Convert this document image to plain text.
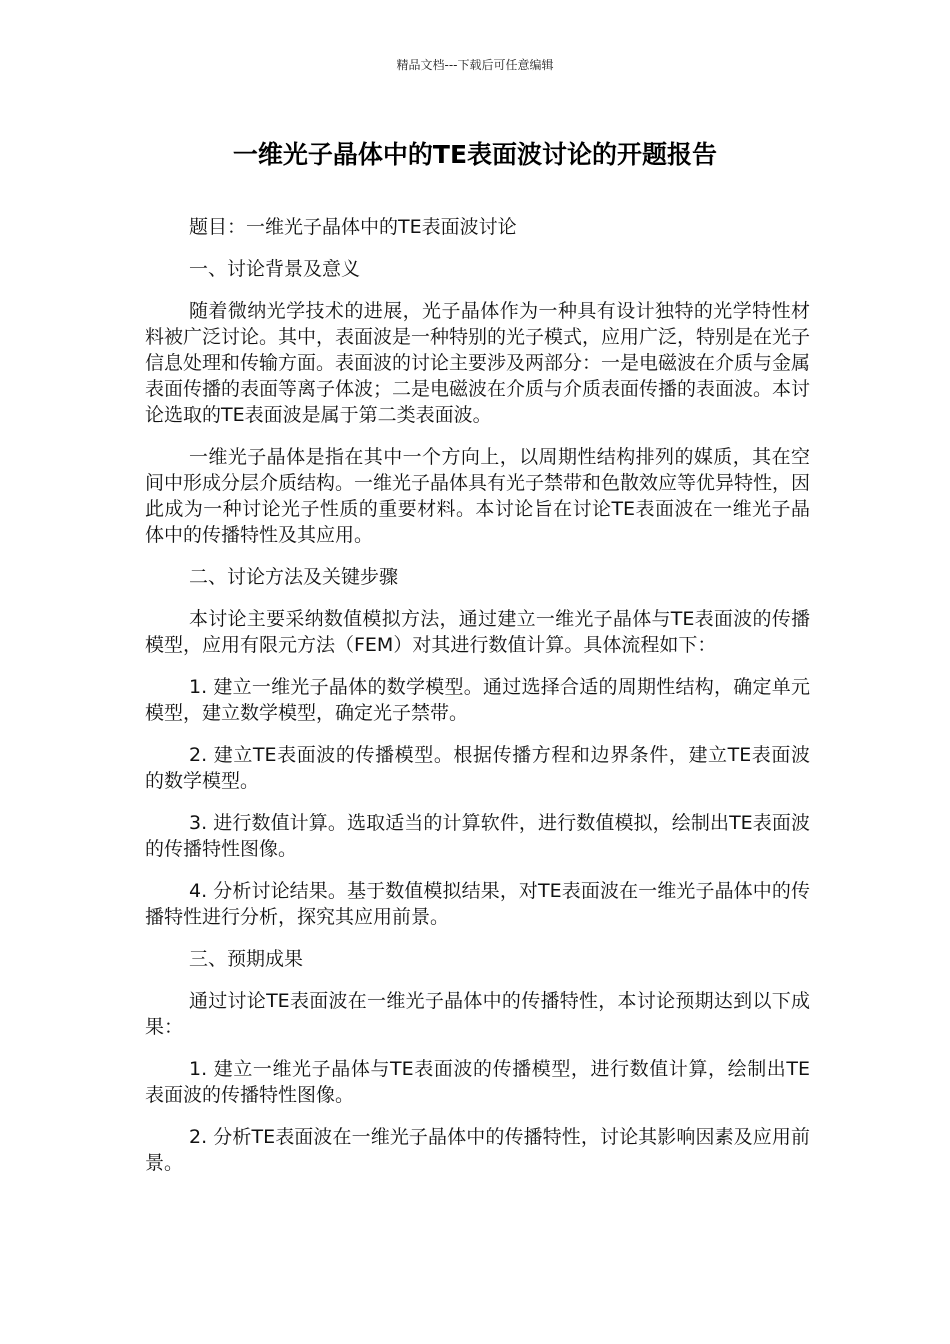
精品文档---下载后可任意编辑
一维光子晶体中的TE表面波讨论的开题报告

题目：一维光子晶体中的TE表面波讨论

一、讨论背景及意义

随着微纳光学技术的进展，光子晶体作为一种具有设计独特的光学特性材料被广泛讨论。其中，表面波是一种特别的光子模式，应用广泛，特别是在光子信息处理和传输方面。表面波的讨论主要涉及两部分：一是电磁波在介质与金属表面传播的表面等离子体波；二是电磁波在介质与介质表面传播的表面波。本讨论选取的TE表面波是属于第二类表面波。

一维光子晶体是指在其中一个方向上，以周期性结构排列的媒质，其在空间中形成分层介质结构。一维光子晶体具有光子禁带和色散效应等优异特性，因此成为一种讨论光子性质的重要材料。本讨论旨在讨论TE表面波在一维光子晶体中的传播特性及其应用。

二、讨论方法及关键步骤

本讨论主要采纳数值模拟方法，通过建立一维光子晶体与TE表面波的传播模型，应用有限元方法（FEM）对其进行数值计算。具体流程如下：

1. 建立一维光子晶体的数学模型。通过选择合适的周期性结构，确定单元模型，建立数学模型，确定光子禁带。

2. 建立TE表面波的传播模型。根据传播方程和边界条件，建立TE表面波的数学模型。

3. 进行数值计算。选取适当的计算软件，进行数值模拟，绘制出TE表面波的传播特性图像。

4. 分析讨论结果。基于数值模拟结果，对TE表面波在一维光子晶体中的传播特性进行分析，探究其应用前景。

三、预期成果

通过讨论TE表面波在一维光子晶体中的传播特性，本讨论预期达到以下成果：

1. 建立一维光子晶体与TE表面波的传播模型，进行数值计算，绘制出TE表面波的传播特性图像。

2. 分析TE表面波在一维光子晶体中的传播特性，讨论其影响因素及应用前景。
